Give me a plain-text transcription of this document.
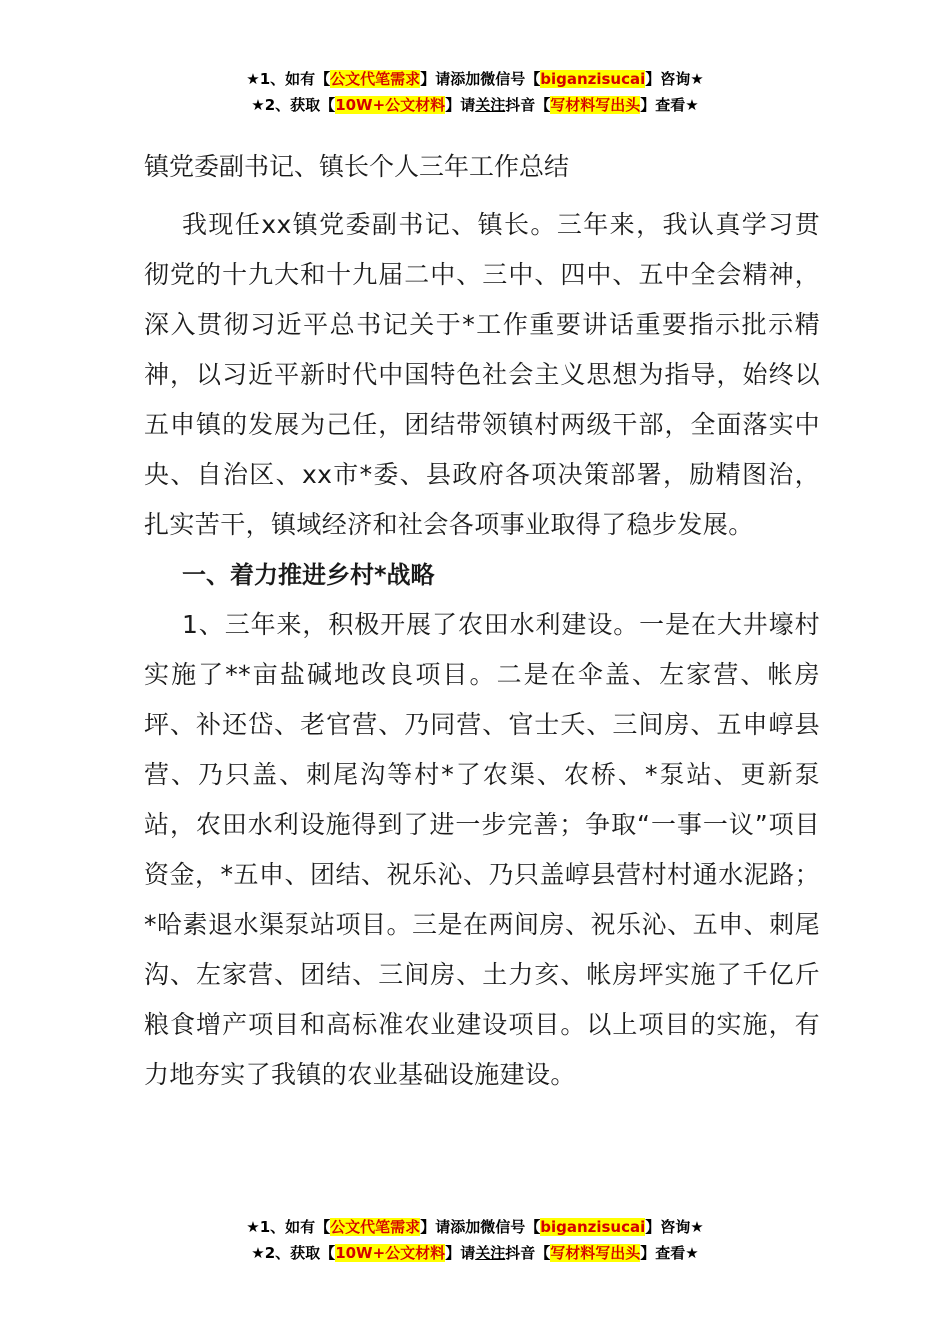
★1、如有【公文代笔需求】请添加微信号【biganzisucai】咨询★
★2、获取【10W+公文材料】请关注抖音【写材料写出头】查看★
镇党委副书记、镇长个人三年工作总结

我现任xx镇党委副书记、镇长。三年来，我认真学习贯彻党的十九大和十九届二中、三中、四中、五中全会精神，深入贯彻习近平总书记关于*工作重要讲话重要指示批示精神，以习近平新时代中国特色社会主义思想为指导，始终以五申镇的发展为己任，团结带领镇村两级干部，全面落实中央、自治区、xx市*委、县政府各项决策部署，励精图治，扎实苦干，镇域经济和社会各项事业取得了稳步发展。

一、着力推进乡村*战略

1、三年来，积极开展了农田水利建设。一是在大井壕村实施了**亩盐碱地改良项目。二是在伞盖、左家营、帐房坪、补还岱、老官营、乃同营、官士夭、三间房、五申崞县营、乃只盖、刺尾沟等村*了农渠、农桥、*泵站、更新泵站，农田水利设施得到了进一步完善；争取“一事一议”项目资金，*五申、团结、祝乐沁、乃只盖崞县营村村通水泥路；*哈素退水渠泵站项目。三是在两间房、祝乐沁、五申、刺尾沟、左家营、团结、三间房、土力亥、帐房坪实施了千亿斤粮食增产项目和高标准农业建设项目。以上项目的实施，有力地夯实了我镇的农业基础设施建设。

★1、如有【公文代笔需求】请添加微信号【biganzisucai】咨询★
★2、获取【10W+公文材料】请关注抖音【写材料写出头】查看★
